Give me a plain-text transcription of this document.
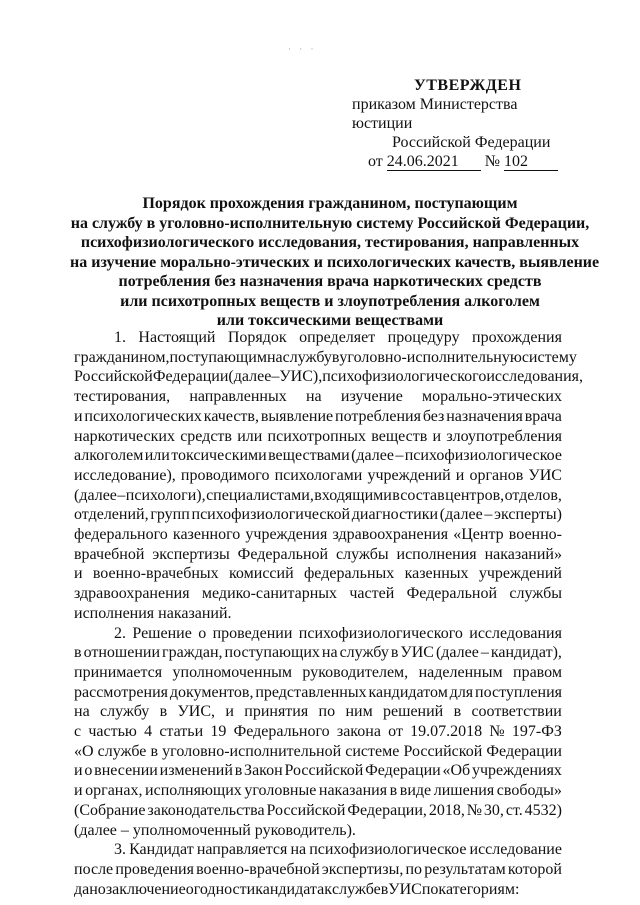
· · ·
УТВЕРЖДЕН
приказом Министерства юстиции
Российской Федерации
от 24.06.2021 № 102
Порядок прохождения гражданином, поступающим
на службу в уголовно-исполнительную систему Российской Федерации,
психофизиологического исследования, тестирования, направленных
на изучение морально-этических и психологических качеств, выявление
потребления без назначения врача наркотических средств
или психотропных веществ и злоупотребления алкоголем
или токсическими веществами
1. Настоящий Порядок определяет процедуру прохождения
гражданином, поступающим на службу в уголовно-исполнительную систему
Российской Федерации (далее – УИС), психофизиологического исследования,
тестирования, направленных на изучение морально-этических
и психологических качеств, выявление потребления без назначения врача
наркотических средств или психотропных веществ и злоупотребления
алкоголем или токсическими веществами (далее – психофизиологическое
исследование), проводимого психологами учреждений и органов УИС
(далее – психологи), специалистами, входящими в состав центров, отделов,
отделений, групп психофизиологической диагностики (далее – эксперты)
федерального казенного учреждения здравоохранения «Центр военно-
врачебной экспертизы Федеральной службы исполнения наказаний»
и военно-врачебных комиссий федеральных казенных учреждений
здравоохранения медико-санитарных частей Федеральной службы
исполнения наказаний.
2. Решение о проведении психофизиологического исследования
в отношении граждан, поступающих на службу в УИС (далее – кандидат),
принимается уполномоченным руководителем, наделенным правом
рассмотрения документов, представленных кандидатом для поступления
на службу в УИС, и принятия по ним решений в соответствии
с частью 4 статьи 19 Федерального закона от 19.07.2018 № 197-ФЗ
«О службе в уголовно-исполнительной системе Российской Федерации
и о внесении изменений в Закон Российской Федерации «Об учреждениях
и органах, исполняющих уголовные наказания в виде лишения свободы»
(Собрание законодательства Российской Федерации, 2018, № 30, ст. 4532)
(далее – уполномоченный руководитель).
3. Кандидат направляется на психофизиологическое исследование
после проведения военно-врачебной экспертизы, по результатам которой
дано заключение о годности кандидата к службе в УИС по категориям:
